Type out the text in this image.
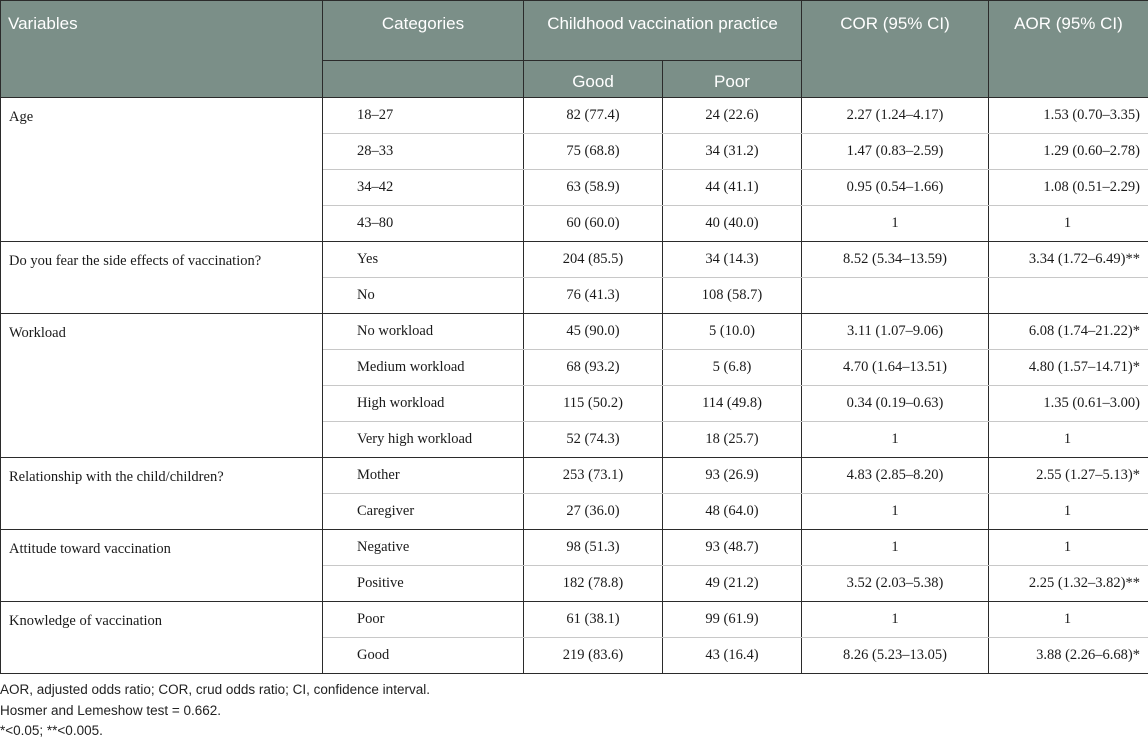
Variables	Categories	Childhood vaccination practice		COR (95% CI)	AOR (95% CI)
		Good	Poor		
Age	18–27	82 (77.4)	24 (22.6)	2.27 (1.24–4.17)	1.53 (0.70–3.35)
	28–33	75 (68.8)	34 (31.2)	1.47 (0.83–2.59)	1.29 (0.60–2.78)
	34–42	63 (58.9)	44 (41.1)	0.95 (0.54–1.66)	1.08 (0.51–2.29)
	43–80	60 (60.0)	40 (40.0)	1	1
Do you fear the side effects of vaccination?	Yes	204 (85.5)	34 (14.3)	8.52 (5.34–13.59)	3.34 (1.72–6.49)**
	No	76 (41.3)	108 (58.7)		
Workload	No workload	45 (90.0)	5 (10.0)	3.11 (1.07–9.06)	6.08 (1.74–21.22)*
	Medium workload	68 (93.2)	5 (6.8)	4.70 (1.64–13.51)	4.80 (1.57–14.71)*
	High workload	115 (50.2)	114 (49.8)	0.34 (0.19–0.63)	1.35 (0.61–3.00)
	Very high workload	52 (74.3)	18 (25.7)	1	1
Relationship with the child/children?	Mother	253 (73.1)	93 (26.9)	4.83 (2.85–8.20)	2.55 (1.27–5.13)*
	Caregiver	27 (36.0)	48 (64.0)	1	1
Attitude toward vaccination	Negative	98 (51.3)	93 (48.7)	1	1
	Positive	182 (78.8)	49 (21.2)	3.52 (2.03–5.38)	2.25 (1.32–3.82)**
Knowledge of vaccination	Poor	61 (38.1)	99 (61.9)	1	1
	Good	219 (83.6)	43 (16.4)	8.26 (5.23–13.05)	3.88 (2.26–6.68)*
AOR, adjusted odds ratio; COR, crud odds ratio; CI, confidence interval.
Hosmer and Lemeshow test = 0.662.
*<0.05; **<0.005.
